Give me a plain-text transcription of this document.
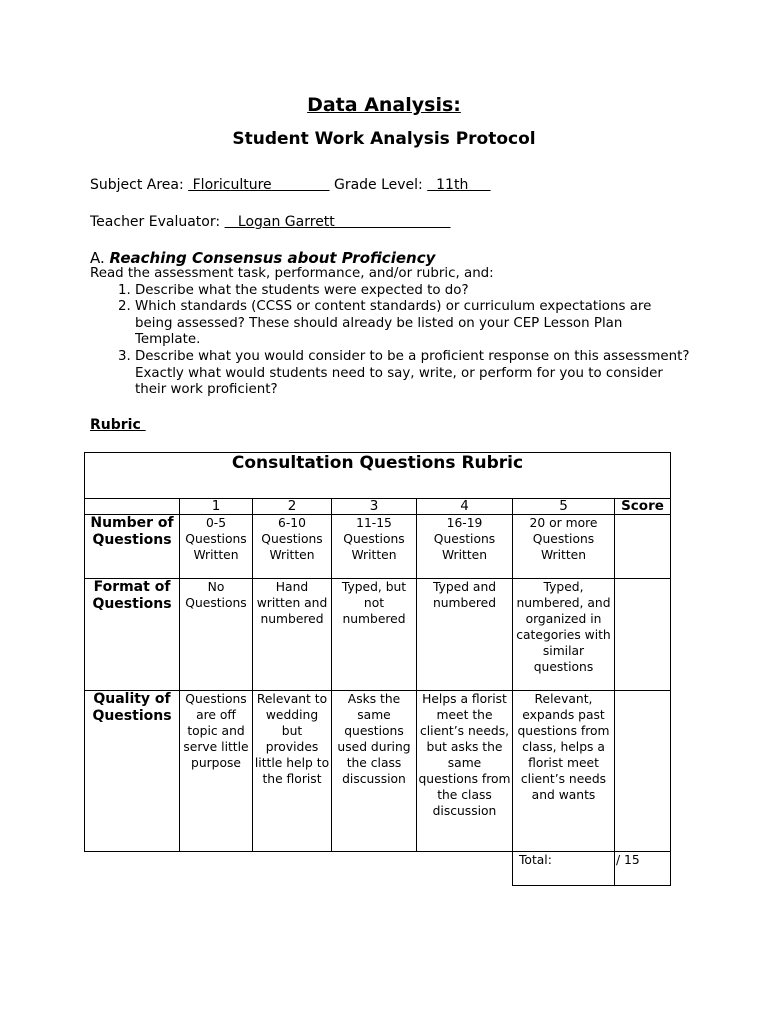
Data Analysis:
Student Work Analysis Protocol
Subject Area:  Floriculture              Grade Level:   11th
Teacher Evaluator:    Logan Garrett
A. Reaching Consensus about Proficiency
Read the assessment task, performance, and/or rubric, and:
1. Describe what the students were expected to do?
2. Which standards (CCSS or content standards) or curriculum expectations are being assessed? These should already be listed on your CEP Lesson Plan Template.
3. Describe what you would consider to be a proficient response on this assessment? Exactly what would students need to say, write, or perform for you to consider their work proficient?
Rubric
Consultation Questions Rubric						
	1	2	3	4	5	Score
Number of Questions	0-5 Questions Written	6-10 Questions Written	11-15 Questions Written	16-19 Questions Written	20 or more Questions Written	
Format of Questions	No Questions	Hand written and numbered	Typed, but not numbered	Typed and numbered	Typed, numbered, and organized in categories with similar questions	
Quality of Questions	Questions are off topic and serve little purpose	Relevant to wedding but provides little help to the florist	Asks the same questions used during the class discussion	Helps a florist meet the client’s needs, but asks the same questions from the class discussion	Relevant, expands past questions from class, helps a florist meet client’s needs and wants	
					Total:	/ 15
